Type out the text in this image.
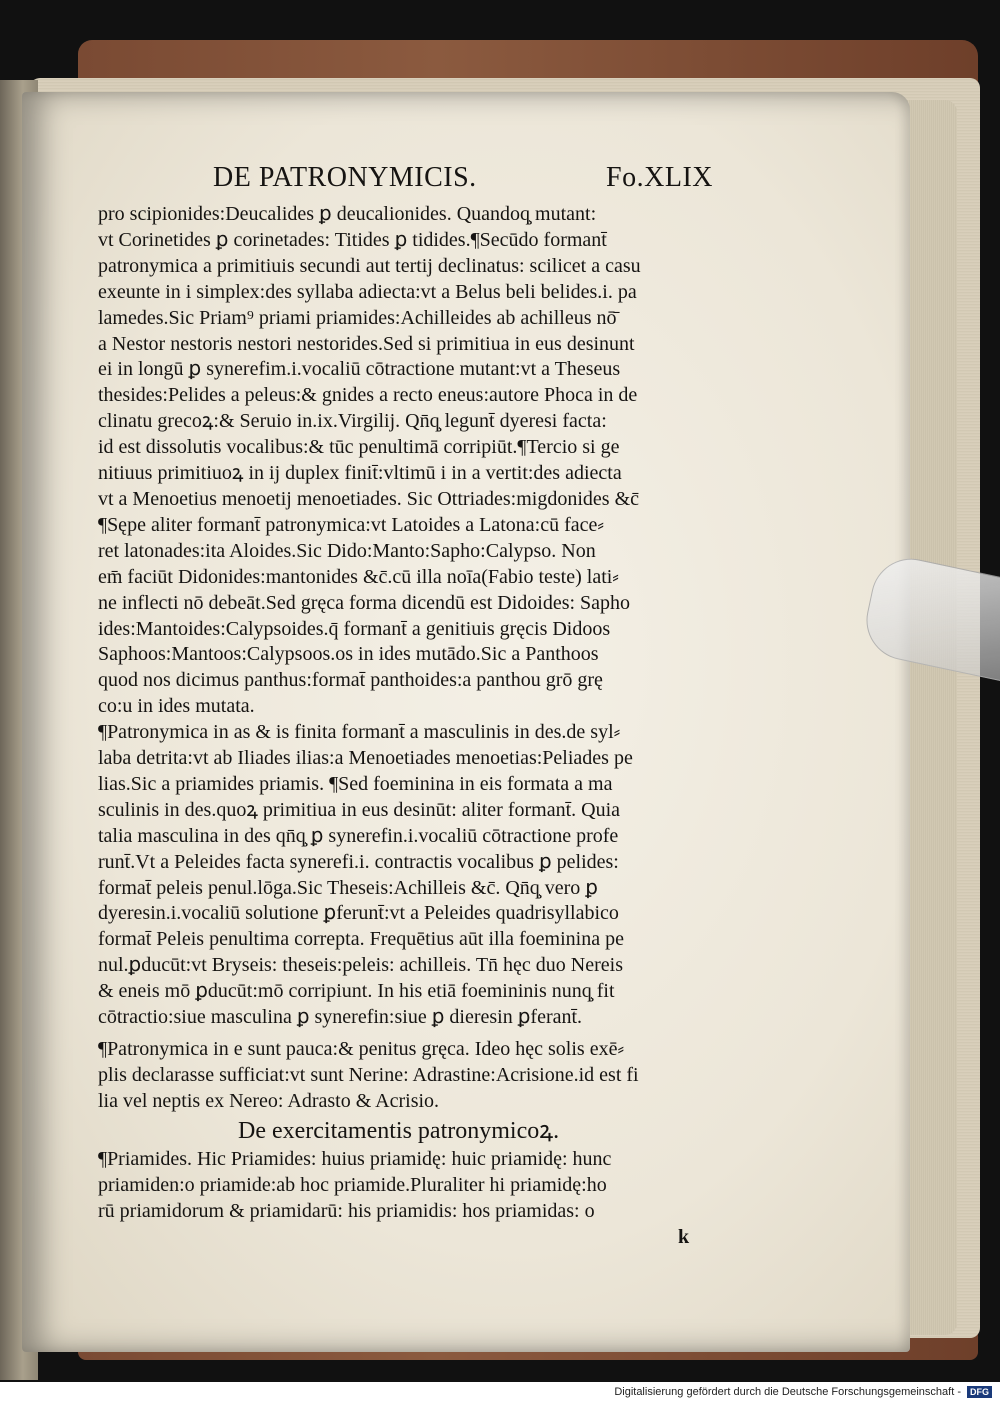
DE PATRONYMICIS.	Fo.XLIX
pro scipionides:Deucalides ꝑ deucalionides. Quandoq̧ mutant:
vt Corinetides ꝑ corinetades: Titides ꝑ tidides.¶Secūdo formant̄
patronymica a primitiuis secundi aut tertij declinatus: scilicet a casu
exeunte in i simplex:des syllaba adiecta:vt a Belus beli belides.i. pa
lamedes.Sic Priam⁹ priami priamides:Achilleides ab achilleus nō̄
a Nestor nestoris nestori nestorides.Sed si primitiua in eus desinunt
ei in longū ꝑ synerefim.i.vocaliū cōtractione mutant:vt a Theseus
thesides:Pelides a peleus:& gnides a recto eneus:autore Phoca in de
clinatu grecoꝝ:& Seruio in.ix.Virgilij. Qn̄q̧ legunt̄ dyeresi facta:
id est dissolutis vocalibus:& tūc penultimā corripiūt.¶Tercio si ge
nitiuus primitiuoꝝ in ij duplex finit̄:vltimū i in a vertit:des adiecta
vt a Menoetius menoetij menoetiades. Sic Ottriades:migdonides &c̄
¶Sępe aliter formant̄ patronymica:vt Latoides a Latona:cū face⸗
ret latonades:ita Aloides.Sic Dido:Manto:Sapho:Calypso. Non
em̄ faciūt Didonides:mantonides &c̄.cū illa noīa(Fabio teste) lati⸗
ne inflecti nō debeāt.Sed gręca forma dicendū est Didoides: Sapho
ides:Mantoides:Calypsoides.q̄ formant̄ a genitiuis gręcis Didoos
Saphoos:Mantoos:Calypsoos.os in ides mutādo.Sic a Panthoos
quod nos dicimus panthus:format̄ panthoides:a panthou grō grę
co:u in ides mutata.
¶Patronymica in as & is finita formant̄ a masculinis in des.de syl⸗
laba detrita:vt ab Iliades ilias:a Menoetiades menoetias:Peliades pe
lias.Sic a priamides priamis. ¶Sed foeminina in eis formata a ma
sculinis in des.quoꝝ primitiua in eus desinūt: aliter formant̄. Quia
talia masculina in des qn̄q̧ ꝑ synerefin.i.vocaliū cōtractione profe
runt̄.Vt a Peleides facta synerefi.i. contractis vocalibus ꝑ pelides:
format̄ peleis penul.lōga.Sic Theseis:Achilleis &c̄. Qn̄q̧ vero ꝑ
dyeresin.i.vocaliū solutione ꝑferunt̄:vt a Peleides quadrisyllabico
format̄ Peleis penultima correpta. Frequētius aūt illa foeminina pe
nul.ꝑducūt:vt Bryseis: theseis:peleis: achilleis. Tn̄ hęc duo Nereis
& eneis mō ꝑducūt:mō corripiunt. In his etiā foemininis nunq̧ fit
cōtractio:siue masculina ꝑ synerefin:siue ꝑ dieresin ꝑferant̄.
¶Patronymica in e sunt pauca:& penitus gręca. Ideo hęc solis exē⸗
plis declarasse sufficiat:vt sunt Nerine: Adrastine:Acrisione.id est fi
lia vel neptis ex Nereo: Adrasto & Acrisio.
De exercitamentis patronymicoꝝ.
¶Priamides. Hic Priamides: huius priamidę: huic priamidę: hunc
priamiden:o priamide:ab hoc priamide.Pluraliter hi priamidę:ho
rū priamidorum & priamidarū: his priamidis: hos priamidas: o
k
Digitalisierung gefördert durch die Deutsche Forschungsgemeinschaft - DFG
